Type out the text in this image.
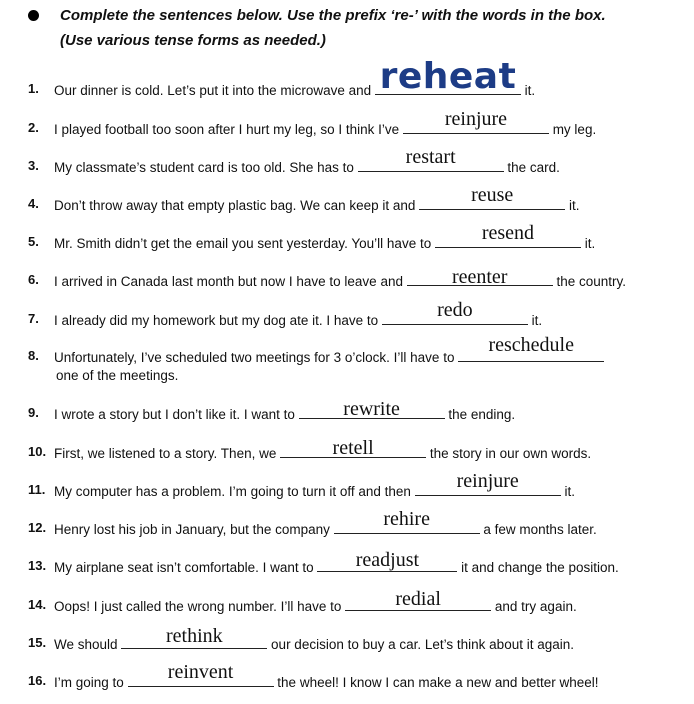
Complete the sentences below. Use the prefix ‘re-’ with the words in the box.
(Use various tense forms as needed.)
1. Our dinner is cold. Let’s put it into the microwave and reheat it.
2. I played football too soon after I hurt my leg, so I think I’ve	reinjure	my leg.
3. My classmate’s student card is too old. She has to	restart	the card.
4. Don’t throw away that empty plastic bag. We can keep it and	reuse	it.
5. Mr. Smith didn’t get the email you sent yesterday. You’ll have to	resend	it.
6. I arrived in Canada last month but now I have to leave and	reenter	the country.
7. I already did my homework but my dog ate it. I have to	redo	it.
8. Unfortunately, I’ve scheduled two meetings for 3 o’clock. I’ll have to
reschedule
one of the meetings.
9. I wrote a story but I don’t like it. I want to	rewrite	the ending.
10. First, we listened to a story. Then, we	retell	the story in our own words.
11. My computer has a problem. I’m going to turn it off and then	reinjure	it.
12. Henry lost his job in January, but the company	rehire	a few months later.
13. My airplane seat isn’t comfortable. I want to	readjust	it and change the position.
14. Oops! I just called the wrong number. I’ll have to	redial	and try again.
15. We should	rethink	our decision to buy a car. Let’s think about it again.
16. I’m going to	reinvent	the wheel! I know I can make a new and better wheel!
